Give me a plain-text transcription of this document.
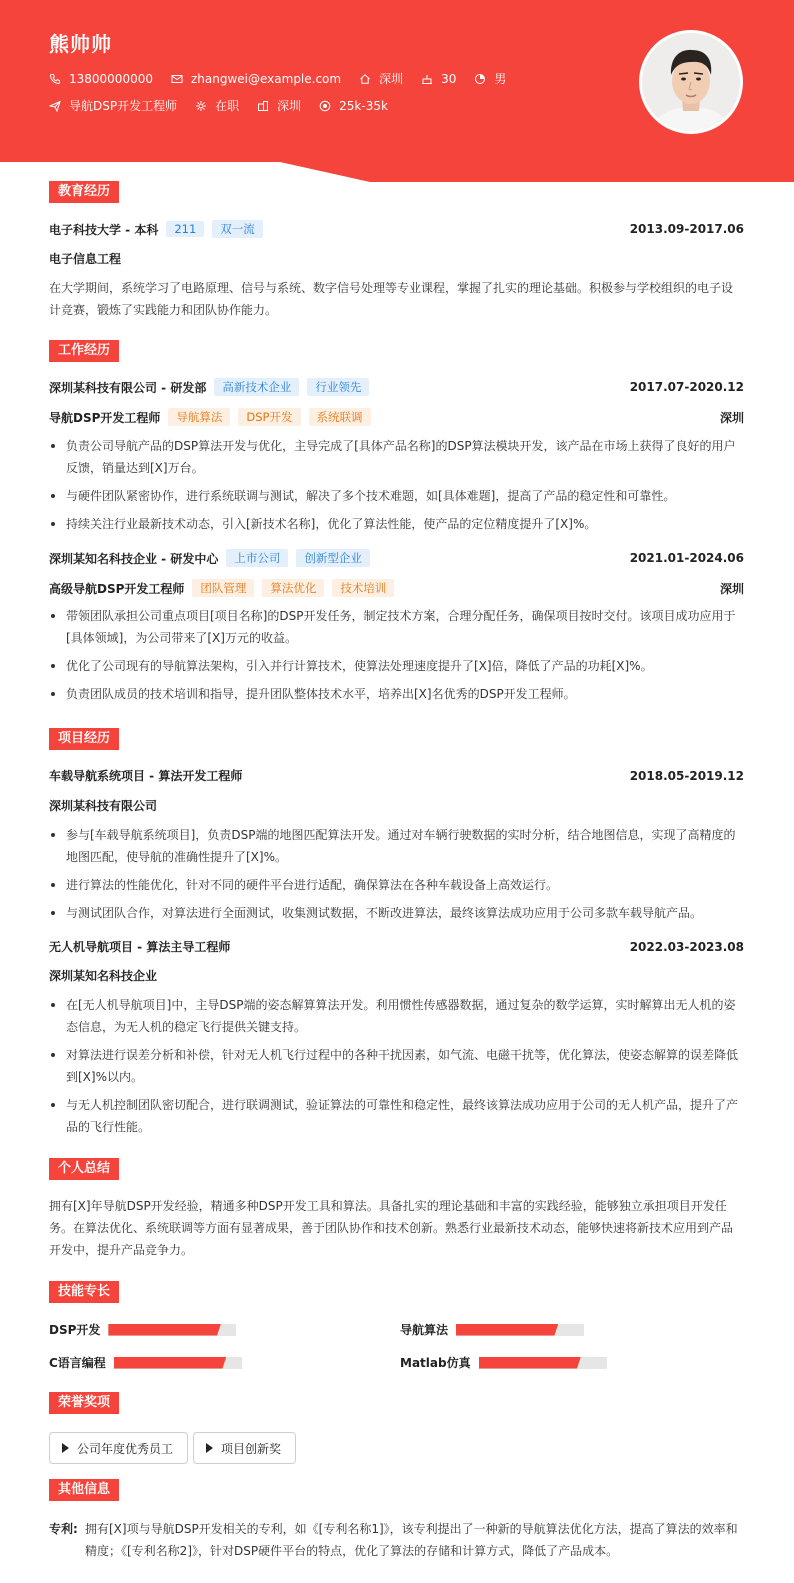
熊帅帅
13800000000	zhangwei@example.com	深圳	30	男
导航DSP开发工程师	在职	深圳	25k-35k
教育经历
电子科技大学 - 本科	211	双一流	2013.09-2017.06
电子信息工程
在大学期间，系统学习了电路原理、信号与系统、数字信号处理等专业课程，掌握了扎实的理论基础。积极参与学校组织的电子设计竞赛，锻炼了实践能力和团队协作能力。
工作经历
深圳某科技有限公司 - 研发部	高新技术企业	行业领先	2017.07-2020.12
导航DSP开发工程师	导航算法	DSP开发	系统联调	深圳
负责公司导航产品的DSP算法开发与优化，主导完成了[具体产品名称]的DSP算法模块开发，该产品在市场上获得了良好的用户反馈，销量达到[X]万台。
与硬件团队紧密协作，进行系统联调与测试，解决了多个技术难题，如[具体难题]，提高了产品的稳定性和可靠性。
持续关注行业最新技术动态，引入[新技术名称]，优化了算法性能，使产品的定位精度提升了[X]%。
深圳某知名科技企业 - 研发中心	上市公司	创新型企业	2021.01-2024.06
高级导航DSP开发工程师	团队管理	算法优化	技术培训	深圳
带领团队承担公司重点项目[项目名称]的DSP开发任务，制定技术方案，合理分配任务，确保项目按时交付。该项目成功应用于[具体领域]，为公司带来了[X]万元的收益。
优化了公司现有的导航算法架构，引入并行计算技术，使算法处理速度提升了[X]倍，降低了产品的功耗[X]%。
负责团队成员的技术培训和指导，提升团队整体技术水平，培养出[X]名优秀的DSP开发工程师。
项目经历
车载导航系统项目 - 算法开发工程师	2018.05-2019.12
深圳某科技有限公司
参与[车载导航系统项目]，负责DSP端的地图匹配算法开发。通过对车辆行驶数据的实时分析，结合地图信息，实现了高精度的地图匹配，使导航的准确性提升了[X]%。
进行算法的性能优化，针对不同的硬件平台进行适配，确保算法在各种车载设备上高效运行。
与测试团队合作，对算法进行全面测试，收集测试数据，不断改进算法，最终该算法成功应用于公司多款车载导航产品。
无人机导航项目 - 算法主导工程师	2022.03-2023.08
深圳某知名科技企业
在[无人机导航项目]中，主导DSP端的姿态解算算法开发。利用惯性传感器数据，通过复杂的数学运算，实时解算出无人机的姿态信息，为无人机的稳定飞行提供关键支持。
对算法进行误差分析和补偿，针对无人机飞行过程中的各种干扰因素，如气流、电磁干扰等，优化算法，使姿态解算的误差降低到[X]%以内。
与无人机控制团队密切配合，进行联调测试，验证算法的可靠性和稳定性，最终该算法成功应用于公司的无人机产品，提升了产品的飞行性能。
个人总结
拥有[X]年导航DSP开发经验，精通多种DSP开发工具和算法。具备扎实的理论基础和丰富的实践经验，能够独立承担项目开发任务。在算法优化、系统联调等方面有显著成果，善于团队协作和技术创新。熟悉行业最新技术动态，能够快速将新技术应用到产品开发中，提升产品竞争力。
技能专长
DSP开发	导航算法
C语言编程	Matlab仿真
荣誉奖项
公司年度优秀员工	项目创新奖
其他信息
专利: 拥有[X]项与导航DSP开发相关的专利，如《[专利名称1]》，该专利提出了一种新的导航算法优化方法，提高了算法的效率和精度；《[专利名称2]》，针对DSP硬件平台的特点，优化了算法的存储和计算方式，降低了产品成本。
